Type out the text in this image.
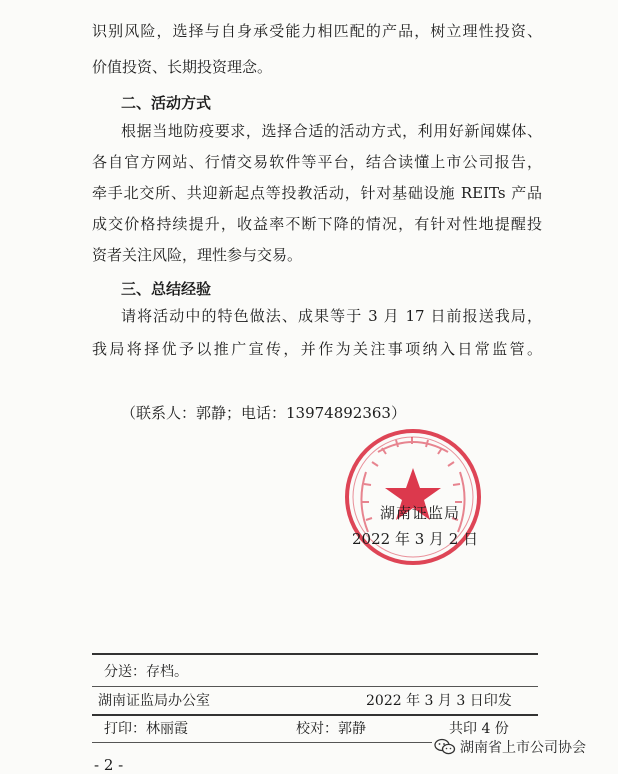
识别风险，选择与自身承受能力相匹配的产品，树立理性投资、
价值投资、长期投资理念。
二、活动方式
根据当地防疫要求，选择合适的活动方式，利用好新闻媒体、
各自官方网站、行情交易软件等平台，结合读懂上市公司报告，
牵手北交所、共迎新起点等投教活动，针对基础设施 REITs 产品
成交价格持续提升，收益率不断下降的情况，有针对性地提醒投
资者关注风险，理性参与交易。
三、总结经验
请将活动中的特色做法、成果等于 3 月 17 日前报送我局，
我局将择优予以推广宣传，并作为关注事项纳入日常监管。
（联系人：郭静；电话：13974892363）
湖南证监局
2022 年 3 月 2 日
分送：存档。
湖南证监局办公室	2022 年 3 月 3 日印发
打印：林丽霞	校对：郭静	共印 4 份
- 2 -
湖南省上市公司协会
